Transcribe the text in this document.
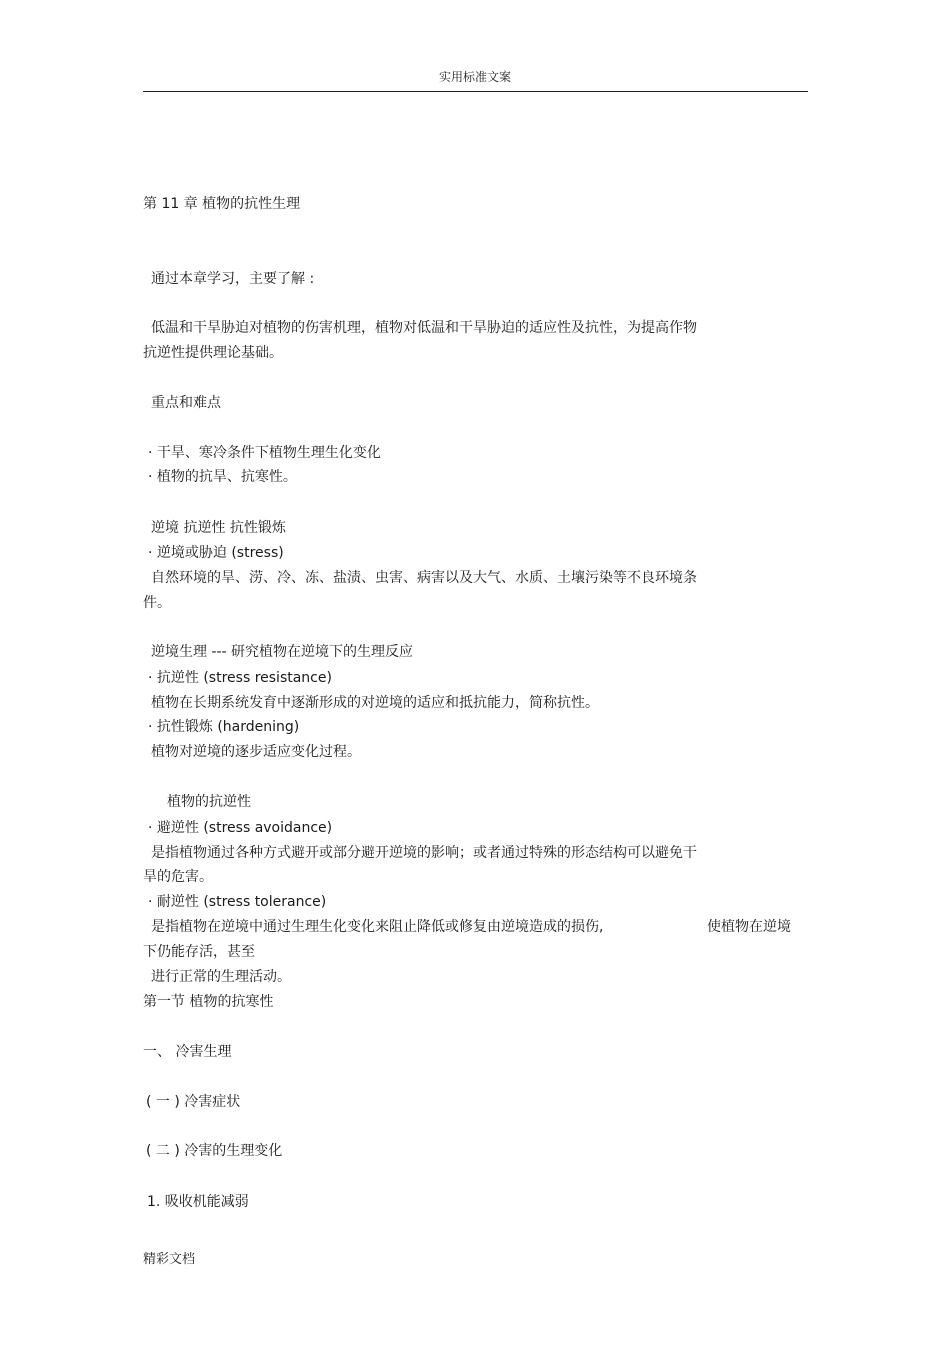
实用标准文案
第 11 章 植物的抗性生理
通过本章学习，主要了解 :
低温和干旱胁迫对植物的伤害机理，植物对低温和干旱胁迫的适应性及抗性，为提高作物
抗逆性提供理论基础。
重点和难点
· 干旱、寒冷条件下植物生理生化变化
· 植物的抗旱、抗寒性。
逆境 抗逆性 抗性锻炼
· 逆境或胁迫 (stress)
自然环境的旱、涝、冷、冻、盐渍、虫害、病害以及大气、水质、土壤污染等不良环境条
件。
逆境生理 --- 研究植物在逆境下的生理反应
· 抗逆性 (stress resistance)
植物在长期系统发育中逐渐形成的对逆境的适应和抵抗能力，简称抗性。
· 抗性锻炼 (hardening)
植物对逆境的逐步适应变化过程。
植物的抗逆性
· 避逆性 (stress avoidance)
是指植物通过各种方式避开或部分避开逆境的影响；或者通过特殊的形态结构可以避免干
旱的危害。
· 耐逆性 (stress tolerance)
是指植物在逆境中通过生理生化变化来阻止降低或修复由逆境造成的损伤,	使植物在逆境
下仍能存活，甚至
进行正常的生理活动。
第一节 植物的抗寒性
一、 冷害生理
( 一 ) 冷害症状
( 二 ) 冷害的生理变化
1. 吸收机能减弱
精彩文档
